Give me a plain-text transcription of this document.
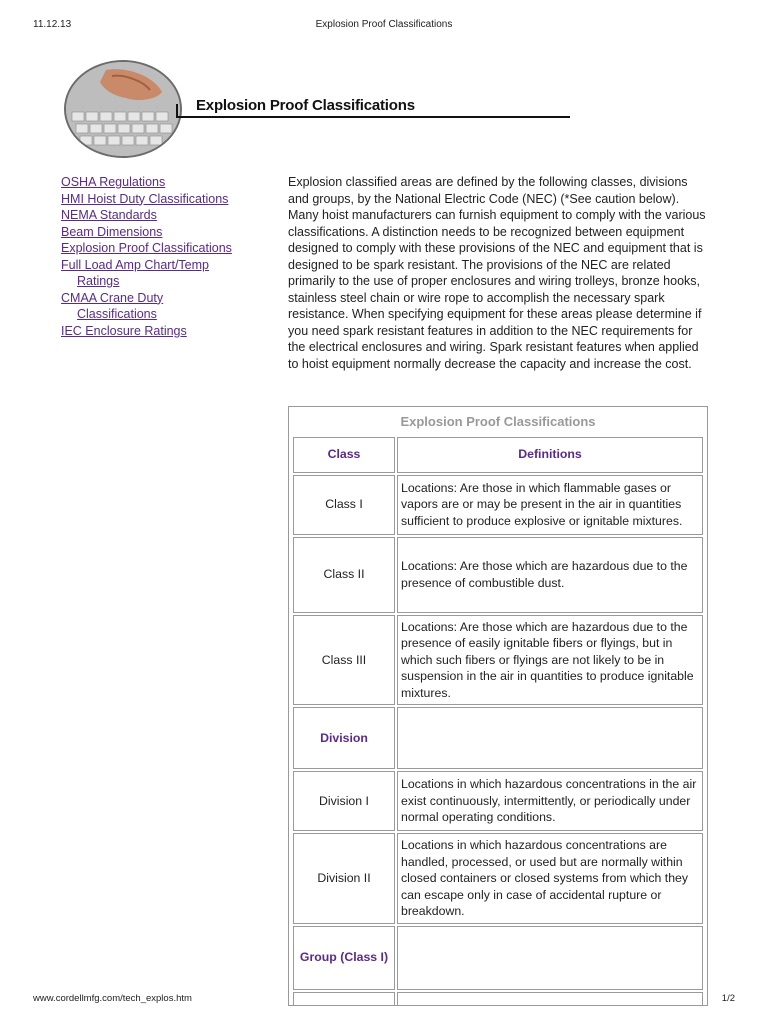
11.12.13	Explosion Proof Classifications
Explosion Proof Classifications
OSHA Regulations
HMI Hoist Duty Classifications
NEMA Standards
Beam Dimensions
Explosion Proof Classifications
Full Load Amp Chart/Temp
Ratings
CMAA Crane Duty
Classifications
IEC Enclosure Ratings
Explosion classified areas are defined by the following classes, divisions and groups, by the National Electric Code (NEC) (*See caution below). Many hoist manufacturers can furnish equipment to comply with the various classifications. A distinction needs to be recognized between equipment designed to comply with these provisions of the NEC and equipment that is designed to be spark resistant. The provisions of the NEC are related primarily to the use of proper enclosures and wiring trolleys, bronze hooks, stainless steel chain or wire rope to accomplish the necessary spark resistance. When specifying equipment for these areas please determine if you need spark resistant features in addition to the NEC requirements for the electrical enclosures and wiring. Spark resistant features when applied to hoist equipment normally decrease the capacity and increase the cost.
Explosion Proof Classifications	
Class	Definitions
Class I	Locations: Are those in which flammable gases or vapors are or may be present in the air in quantities sufficient to produce explosive or ignitable mixtures.
Class II	Locations: Are those which are hazardous due to the presence of combustible dust.
Class III	Locations: Are those which are hazardous due to the presence of easily ignitable fibers or flyings, but in which such fibers or flyings are not likely to be in suspension in the air in quantities to produce ignitable mixtures.
Division	
Division I	Locations in which hazardous concentrations in the air exist continuously, intermittently, or periodically under normal operating conditions.
Division II	Locations in which hazardous concentrations are handled, processed, or used but are normally within closed containers or closed systems from which they can escape only in case of accidental rupture or breakdown.
Group (Class I)	

www.cordellmfg.com/tech_explos.htm	1/2
